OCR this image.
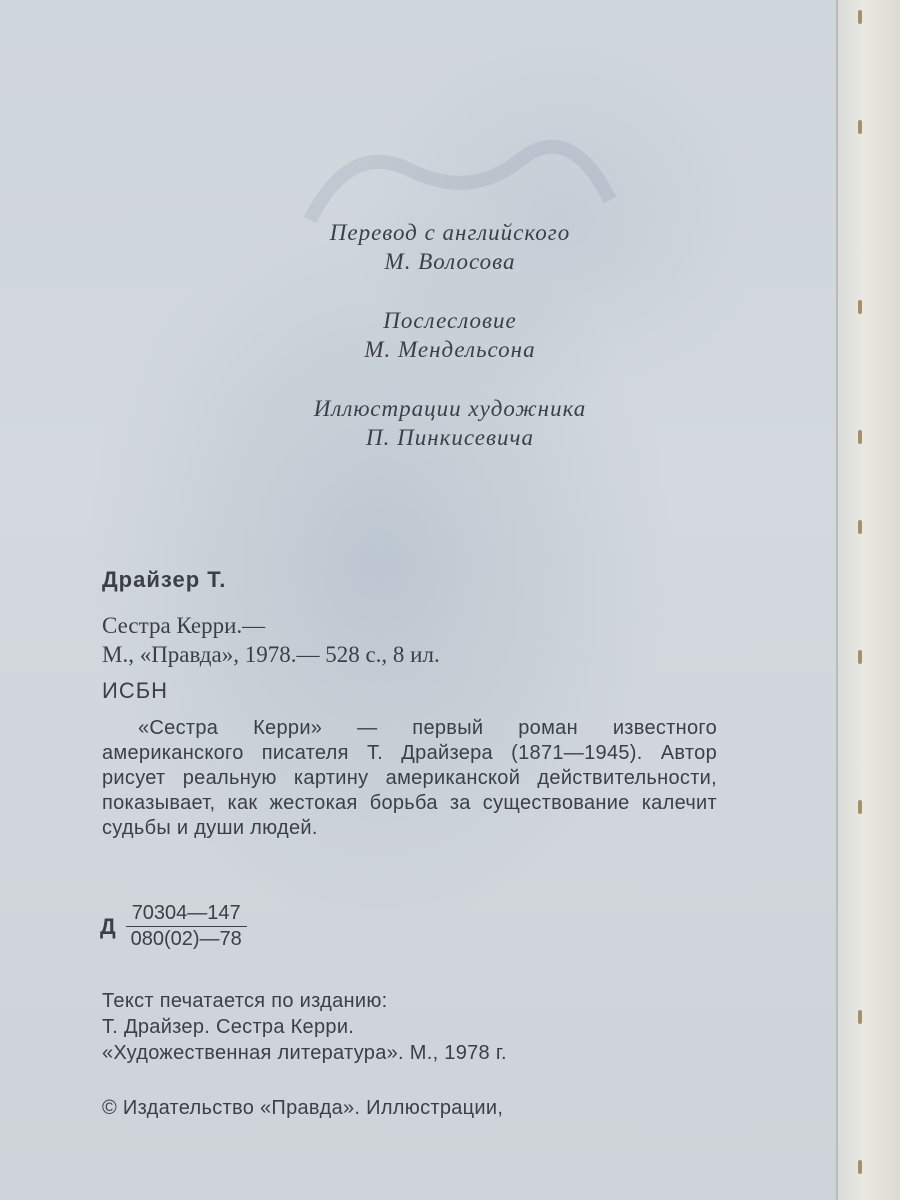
Перевод с английского
М. Волосова
Послесловие
М. Мендельсона
Иллюстрации художника
П. Пинкисевича
Драйзер Т.
Сестра Керри.—
М., «Правда», 1978.— 528 с., 8 ил.
ИСБН
«Сестра Керри» — первый роман известного американского писателя Т. Драйзера (1871—1945). Автор рисует реальную картину американской действительности, показывает, как жестокая борьба за существование калечит судьбы и души людей.
Д $\frac{70304—147}{080(02)—78}$
Текст печатается по изданию:
Т. Драйзер. Сестра Керри.
«Художественная литература». М., 1978 г.
© Издательство «Правда». Иллюстрации,
